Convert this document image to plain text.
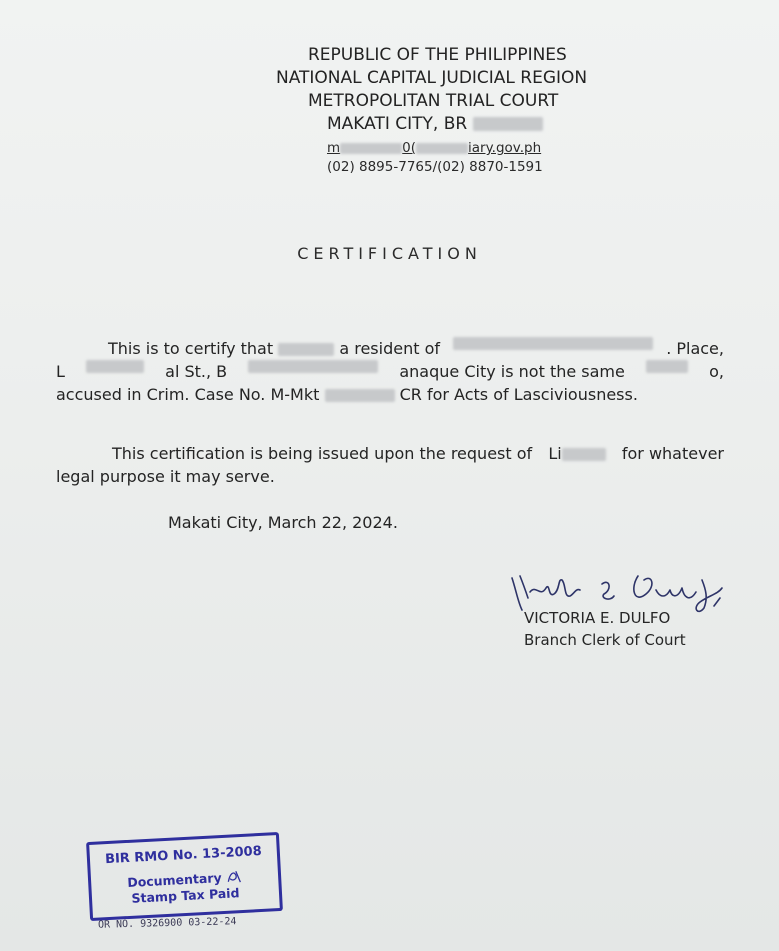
REPUBLIC OF THE PHILIPPINES
NATIONAL CAPITAL JUDICIAL REGION
METROPOLITAN TRIAL COURT
MAKATI CITY, BR
m	0(	iary.gov.ph
(02) 8895-7765/(02) 8870-1591
CERTIFICATION
This is to certify that	a resident of	. Place,
L	al St., B	anaque City is not the same	o,
accused in Crim. Case No. M-Mkt	CR for Acts of Lasciviousness.
This certification is being issued upon the request of Li	for whatever
legal purpose it may serve.
Makati City, March 22, 2024.
VICTORIA E. DULFO
Branch Clerk of Court
BIR RMO No. 13-2008
Documentary
Stamp Tax Paid
OR NO. 9326900 03-22-24
